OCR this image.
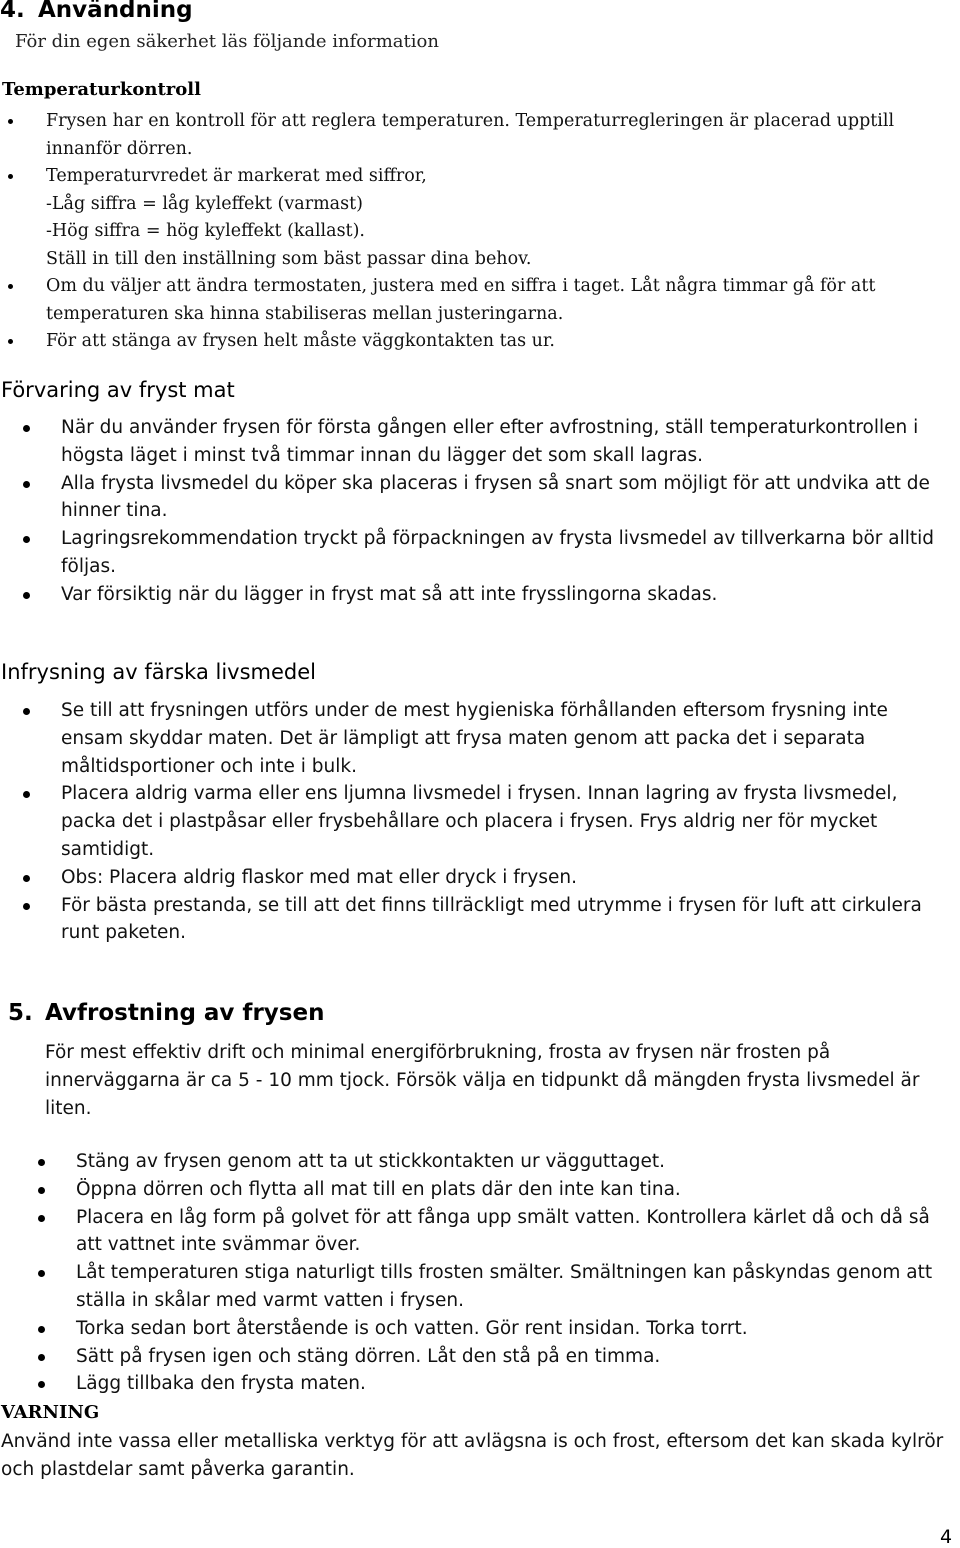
4. Användning
För din egen säkerhet läs följande information
Temperaturkontroll
Frysen har en kontroll för att reglera temperaturen. Temperaturregleringen är placerad upptill innanför dörren.
Temperaturvredet är markerat med siffror,
-Låg siffra = låg kyleffekt (varmast)
-Hög siffra = hög kyleffekt (kallast).
Ställ in till den inställning som bäst passar dina behov.
Om du väljer att ändra termostaten, justera med en siffra i taget. Låt några timmar gå för att temperaturen ska hinna stabiliseras mellan justeringarna.
För att stänga av frysen helt måste väggkontakten tas ur.
Förvaring av fryst mat
När du använder frysen för första gången eller efter avfrostning, ställ temperaturkontrollen i högsta läget i minst två timmar innan du lägger det som skall lagras.
Alla frysta livsmedel du köper ska placeras i frysen så snart som möjligt för att undvika att de hinner tina.
Lagringsrekommendation tryckt på förpackningen av frysta livsmedel av tillverkarna bör alltid följas.
Var försiktig när du lägger in fryst mat så att inte frysslingorna skadas.
Infrysning av färska livsmedel
Se till att frysningen utförs under de mest hygieniska förhållanden eftersom frysning inte ensam skyddar maten. Det är lämpligt att frysa maten genom att packa det i separata måltidsportioner och inte i bulk.
Placera aldrig varma eller ens ljumna livsmedel i frysen. Innan lagring av frysta livsmedel, packa det i plastpåsar eller frysbehållare och placera i frysen. Frys aldrig ner för mycket samtidigt.
Obs: Placera aldrig flaskor med mat eller dryck i frysen.
För bästa prestanda, se till att det finns tillräckligt med utrymme i frysen för luft att cirkulera runt paketen.
5. Avfrostning av frysen
För mest effektiv drift och minimal energiförbrukning, frosta av frysen när frosten på innerväggarna är ca 5 - 10 mm tjock. Försök välja en tidpunkt då mängden frysta livsmedel är liten.
Stäng av frysen genom att ta ut stickkontakten ur vägguttaget.
Öppna dörren och flytta all mat till en plats där den inte kan tina.
Placera en låg form på golvet för att fånga upp smält vatten. Kontrollera kärlet då och då så att vattnet inte svämmar över.
Låt temperaturen stiga naturligt tills frosten smälter. Smältningen kan påskyndas genom att ställa in skålar med varmt vatten i frysen.
Torka sedan bort återstående is och vatten. Gör rent insidan. Torka torrt.
Sätt på frysen igen och stäng dörren. Låt den stå på en timma.
Lägg tillbaka den frysta maten.
VARNING
Använd inte vassa eller metalliska verktyg för att avlägsna is och frost, eftersom det kan skada kylrör och plastdelar samt påverka garantin.
4
